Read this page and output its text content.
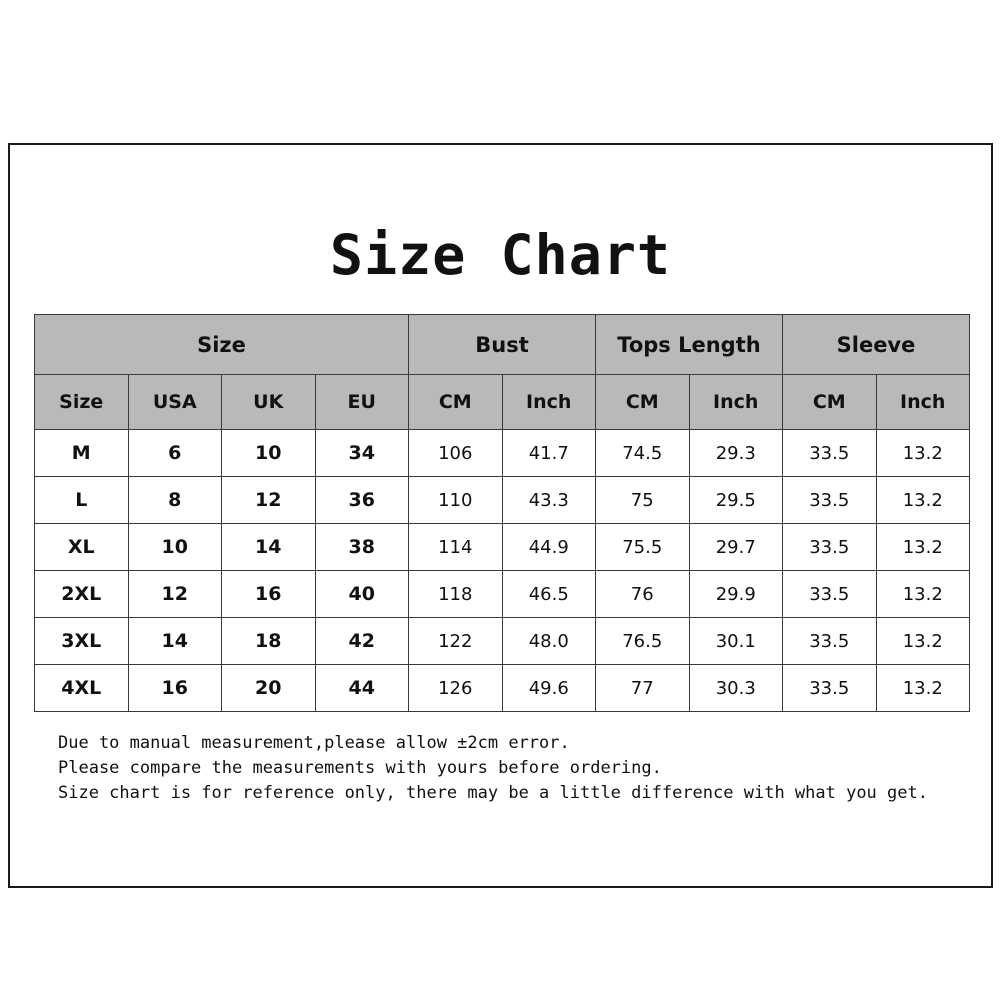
Size Chart
Size				Bust		Tops Length		Sleeve	
Size	USA	UK	EU	CM	Inch	CM	Inch	CM	Inch
M	6	10	34	106	41.7	74.5	29.3	33.5	13.2
L	8	12	36	110	43.3	75	29.5	33.5	13.2
XL	10	14	38	114	44.9	75.5	29.7	33.5	13.2
2XL	12	16	40	118	46.5	76	29.9	33.5	13.2
3XL	14	18	42	122	48.0	76.5	30.1	33.5	13.2
4XL	16	20	44	126	49.6	77	30.3	33.5	13.2
Due to manual measurement,please allow ±2cm error.
Please compare the measurements with yours before ordering.
Size chart is for reference only, there may be a little difference with what you get.
